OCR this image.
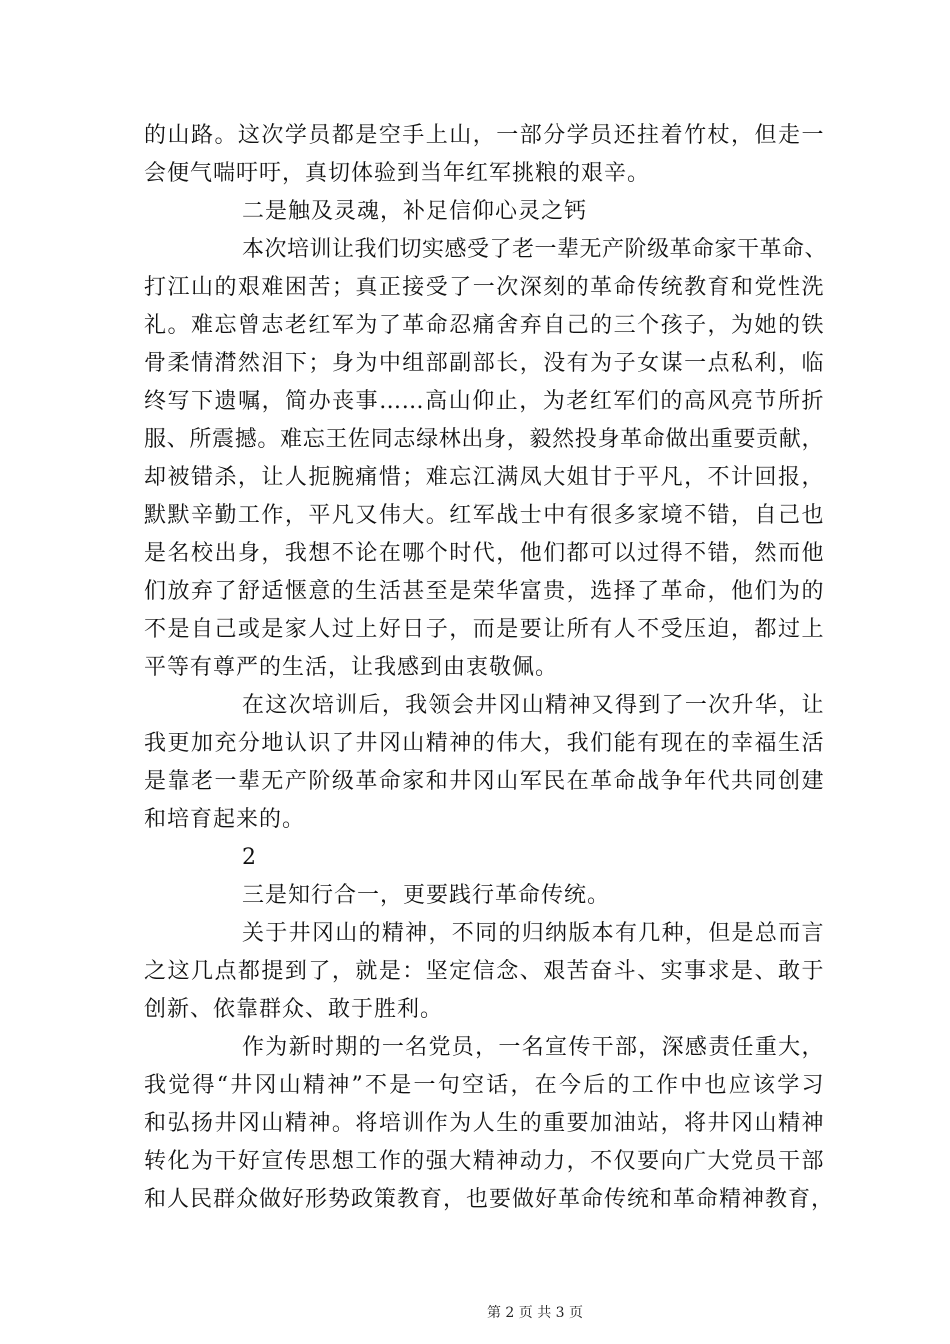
的山路。这次学员都是空手上山，一部分学员还拄着竹杖，但走一
会便气喘吁吁，真切体验到当年红军挑粮的艰辛。
二是触及灵魂，补足信仰心灵之钙
本次培训让我们切实感受了老一辈无产阶级革命家干革命、
打江山的艰难困苦；真正接受了一次深刻的革命传统教育和党性洗
礼。难忘曾志老红军为了革命忍痛舍弃自己的三个孩子，为她的铁
骨柔情潸然泪下；身为中组部副部长，没有为子女谋一点私利，临
终写下遗嘱，简办丧事……高山仰止，为老红军们的高风亮节所折
服、所震撼。难忘王佐同志绿林出身，毅然投身革命做出重要贡献，
却被错杀，让人扼腕痛惜；难忘江满凤大姐甘于平凡，不计回报，
默默辛勤工作，平凡又伟大。红军战士中有很多家境不错，自己也
是名校出身，我想不论在哪个时代，他们都可以过得不错，然而他
们放弃了舒适惬意的生活甚至是荣华富贵，选择了革命，他们为的
不是自己或是家人过上好日子，而是要让所有人不受压迫，都过上
平等有尊严的生活，让我感到由衷敬佩。
在这次培训后，我领会井冈山精神又得到了一次升华，让
我更加充分地认识了井冈山精神的伟大，我们能有现在的幸福生活
是靠老一辈无产阶级革命家和井冈山军民在革命战争年代共同创建
和培育起来的。
2
三是知行合一，更要践行革命传统。
关于井冈山的精神，不同的归纳版本有几种，但是总而言
之这几点都提到了，就是：坚定信念、艰苦奋斗、实事求是、敢于
创新、依靠群众、敢于胜利。
作为新时期的一名党员，一名宣传干部，深感责任重大，
我觉得“井冈山精神”不是一句空话，在今后的工作中也应该学习
和弘扬井冈山精神。将培训作为人生的重要加油站，将井冈山精神
转化为干好宣传思想工作的强大精神动力，不仅要向广大党员干部
和人民群众做好形势政策教育，也要做好革命传统和革命精神教育，
第 2 页 共 3 页
